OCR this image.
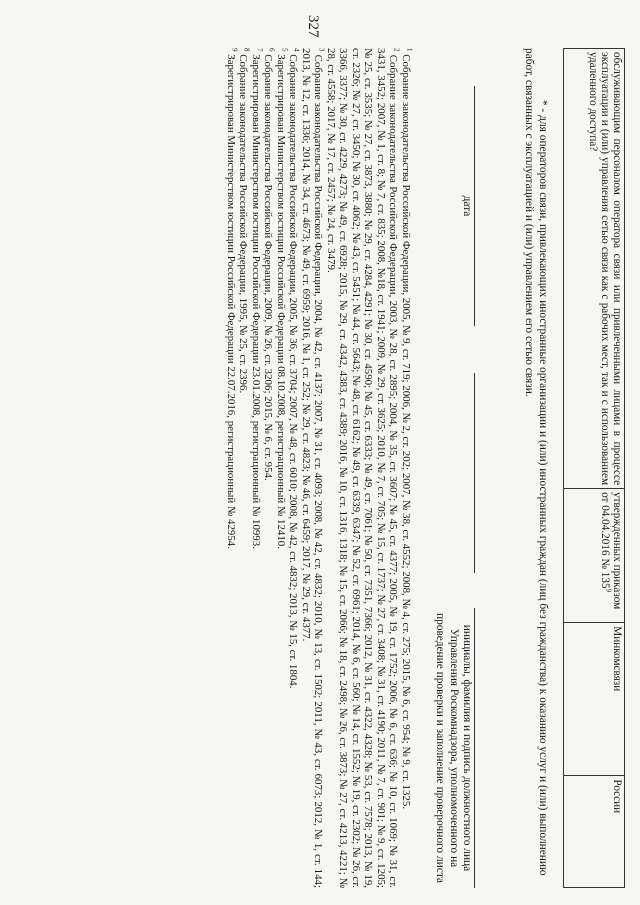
327
обслуживающим персоналом оператора связи или привлеченными лицами в процессе эксплуатации и (или) управления сетью связи как с рабочих мест, так и с использованием удаленного доступа?	утвержденных приказом от 04.04.2016 № $135^9$	Минкомсвязи	России
* - для операторов связи, привлекающих иностранные организации и (или) иностранных граждан (лиц без гражданства) к оказанию услуг и (или) выполнению работ, связанных с эксплуатацией и (или) управлением его сетью связи.
дата
инициалы, фамилия и подпись должностного лица Управления Роскомнадзора, уполномоченного на проведение проверки и заполнение проверочного листа

$^1$ Собрание законодательства Российской Федерации, 2005, № 9, ст. 719; 2006, № 2, ст. 202; 2007, № 38, ст. 4552; 2008, № 4, ст. 275; 2015, № 6, ст. 954; № 9, ст. 1325.

$^2$ Собрание законодательства Российской Федерации, 2003, № 28, ст. 2895; 2004, № 35, ст. 3607; № 45, ст. 4377; 2005, № 19, ст. 1752; 2006, № 6, ст. 636; № 10, ст. 1069; № 31, ст. 3431, 3452; 2007, № 1, ст. 8; № 7, ст. 835; 2008, №18, ст. 1941; 2009, № 29, ст. 3625; 2010, № 7, ст. 705; № 15, ст. 1737; № 27, ст. 3408; № 31, ст. 4190; 2011, № 7, ст. 901; № 9, ст. 1205; № 25, ст. 3535; № 27, ст. 3873, 3880; № 29, ст. 4284, 4291; № 30, ст. 4590; № 45, ст. 6333; № 49, ст. 7061; № 50, ст. 7351, 7366; 2012, № 31, ст. 4322, 4328; № 53, ст. 7578; 2013, № 19, ст. 2326; № 27, ст. 3450; № 30, ст. 4062; № 43, ст. 5451; № 44, ст. 5643; № 48, ст. 6162; № 49, ст. 6339, 6347; № 52, ст. 6961; 2014, № 6, ст. 560; № 14, ст. 1552; № 19, ст. 2302; № 26, ст. 3366, 3377; № 30, ст. 4229, 4273; № 49, ст. 6928; 2015, № 29, ст. 4342, 4383, ст. 4389; 2016, № 10, ст. 1316, 1318; № 15, ст. 2066; № 18, ст. 2498; № 26, ст. 3873; № 27, ст. 4213, 4221; № 28, ст. 4558; 2017, № 17, ст. 2457; № 24, ст. 3479.

$^3$ Собрание законодательства Российской Федерации, 2004, № 42, ст. 4137; 2007, № 31, ст. 4093; 2008, № 42, ст. 4832; 2010, № 13, ст. 1502; 2011, № 43, ст. 6073; 2012, № 1, ст. 144; 2013, № 12, ст. 1336; 2014, № 34, ст. 4673; № 49, ст. 6959; 2016, № 1, ст. 252; № 29, ст. 4823; № 46, ст. 6459; 2017, № 29, ст. 4377.

$^4$ Собрание законодательства Российской Федерации, 2005, № 36, ст. 3704; 2007, № 48, ст. 6010; 2008, № 42, ст. 4832; 2013, № 15, ст. 1804.

$^5$ Зарегистрирован Министерством юстиции Российской Федерации 08.10.2008, регистрационный № 12410.

$^6$ Собрание законодательства Российской Федерации, 2009, № 26, ст. 3206; 2015, № 6, ст. 954.

$^7$ Зарегистрирован Министерством юстиции Российской Федерации 23.01.2008, регистрационный № 10993.

$^8$ Собрание законодательства Российской Федерации, 1995, № 25, ст. 2396.

$^9$ Зарегистрирован Министерством юстиции Российской Федерации 22.07.2016, регистрационный № 42954.
